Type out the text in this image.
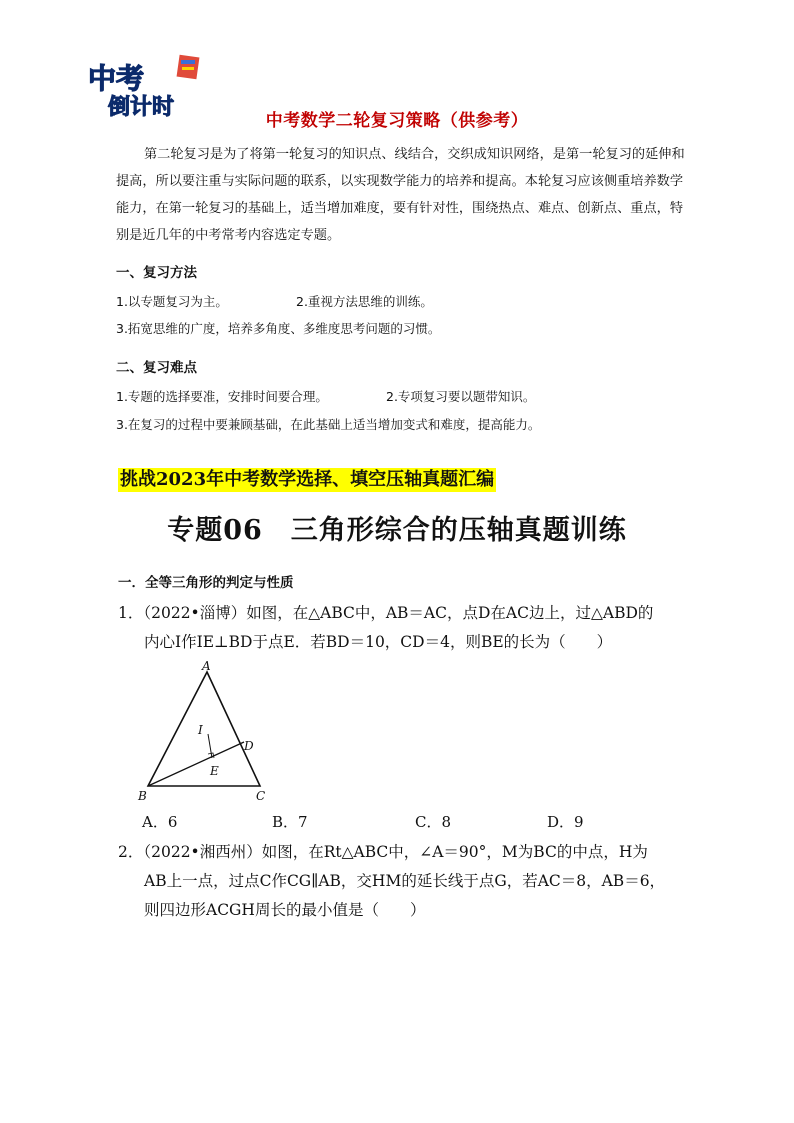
中考
倒计时
中考数学二轮复习策略（供参考）
第二轮复习是为了将第一轮复习的知识点、线结合，交织成知识网络，是第一轮复习的延伸和提高，所以要注重与实际问题的联系，以实现数学能力的培养和提高。本轮复习应该侧重培养数学能力，在第一轮复习的基础上，适当增加难度，要有针对性，围绕热点、难点、创新点、重点，特别是近几年的中考常考内容选定专题。
一、复习方法
1.以专题复习为主。	2.重视方法思维的训练。
3.拓宽思维的广度，培养多角度、多维度思考问题的习惯。
二、复习难点
1.专题的选择要准，安排时间要合理。	2.专项复习要以题带知识。
3.在复习的过程中要兼顾基础，在此基础上适当增加变式和难度，提高能力。
挑战2023年中考数学选择、填空压轴真题汇编
专题06　三角形综合的压轴真题训练
一．全等三角形的判定与性质
1．（2022•淄博）如图，在△ABC中，AB＝AC，点D在AC边上，过△ABD的
内心I作IE⊥BD于点E．若BD＝10，CD＝4，则BE的长为（　　）
A
B	C
D
E
I
A．6	B．7	C．8	D．9
2．（2022•湘西州）如图，在Rt△ABC中，∠A＝90°，M为BC的中点，H为
AB上一点，过点C作CG∥AB，交HM的延长线于点G，若AC＝8，AB＝6，
则四边形ACGH周长的最小值是（　　）
